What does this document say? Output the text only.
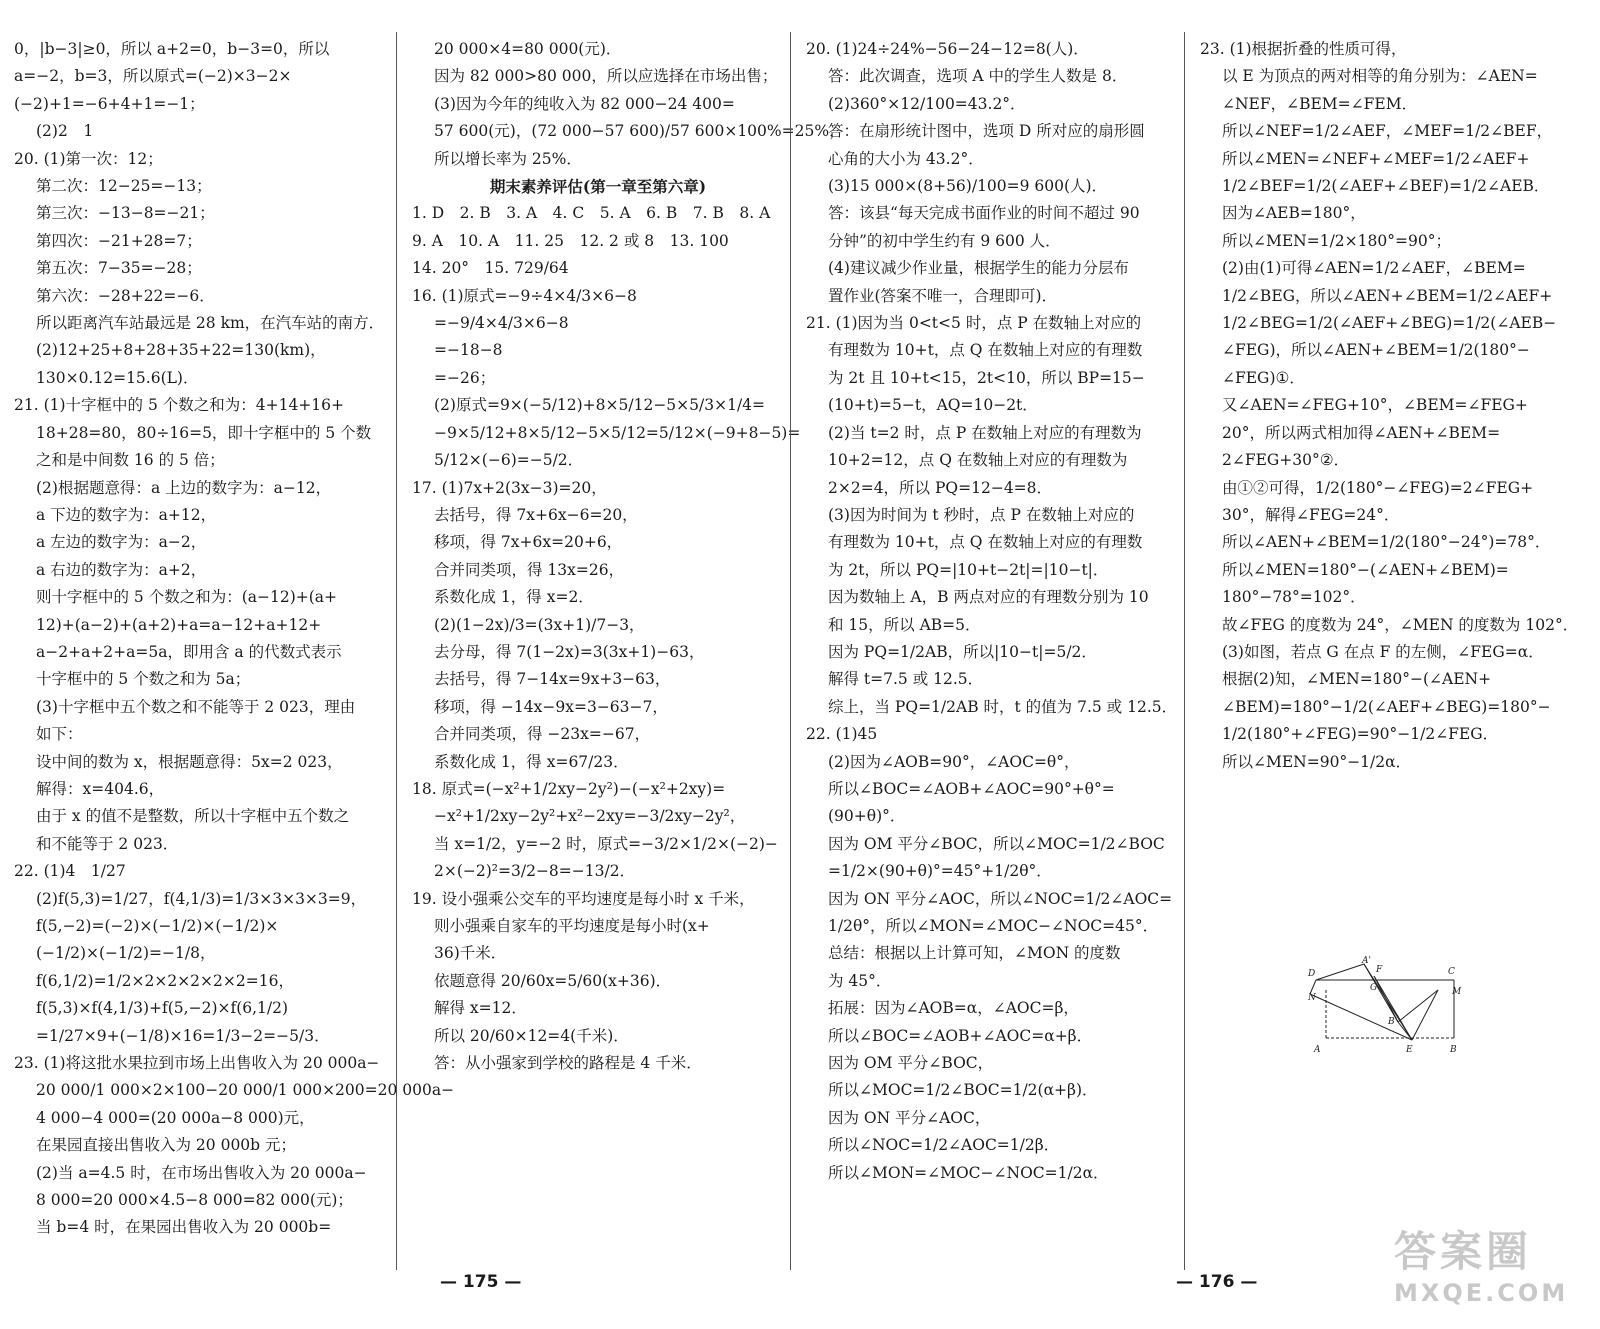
0，|b−3|≥0，所以 a+2=0，b−3=0，所以
a=−2，b=3，所以原式=(−2)×3−2×
(−2)+1=−6+4+1=−1；
(2)2　1
20. (1)第一次：12；
第二次：12−25=−13；
第三次：−13−8=−21；
第四次：−21+28=7；
第五次：7−35=−28；
第六次：−28+22=−6．
所以距离汽车站最远是 28 km，在汽车站的南方．
(2)12+25+8+28+35+22=130(km)，
130×0.12=15.6(L)．
21. (1)十字框中的 5 个数之和为：4+14+16+
18+28=80，80÷16=5，即十字框中的 5 个数
之和是中间数 16 的 5 倍；
(2)根据题意得：a 上边的数字为：a−12，
a 下边的数字为：a+12，
a 左边的数字为：a−2，
a 右边的数字为：a+2，
则十字框中的 5 个数之和为：(a−12)+(a+
12)+(a−2)+(a+2)+a=a−12+a+12+
a−2+a+2+a=5a，即用含 a 的代数式表示
十字框中的 5 个数之和为 5a；
(3)十字框中五个数之和不能等于 2 023，理由
如下：
设中间的数为 x，根据题意得：5x=2 023，
解得：x=404.6，
由于 x 的值不是整数，所以十字框中五个数之
和不能等于 2 023．
22. (1)4　1/27
(2)f(5,3)=1/27，f(4,1/3)=1/3×3×3×3=9，
f(5,−2)=(−2)×(−1/2)×(−1/2)×
(−1/2)×(−1/2)=−1/8，
f(6,1/2)=1/2×2×2×2×2×2=16，
f(5,3)×f(4,1/3)+f(5,−2)×f(6,1/2)
=1/27×9+(−1/8)×16=1/3−2=−5/3．
23. (1)将这批水果拉到市场上出售收入为 20 000a−
20 000/1 000×2×100−20 000/1 000×200=20 000a−
4 000−4 000=(20 000a−8 000)元，
在果园直接出售收入为 20 000b 元；
(2)当 a=4.5 时，在市场出售收入为 20 000a−
8 000=20 000×4.5−8 000=82 000(元)；
当 b=4 时，在果园出售收入为 20 000b=
20 000×4=80 000(元)．
因为 82 000>80 000，所以应选择在市场出售；
(3)因为今年的纯收入为 82 000−24 400=
57 600(元)，(72 000−57 600)/57 600×100%=25%，
所以增长率为 25%．
期末素养评估(第一章至第六章)
1. D　2. B　3. A　4. C　5. A　6. B　7. B　8. A
9. A　10. A　11. 25　12. 2 或 8　13. 100
14. 20°　15. 729/64
16. (1)原式=−9÷4×4/3×6−8
=−9/4×4/3×6−8
=−18−8
=−26；
(2)原式=9×(−5/12)+8×5/12−5×5/3×1/4=
−9×5/12+8×5/12−5×5/12=5/12×(−9+8−5)=
5/12×(−6)=−5/2．
17. (1)7x+2(3x−3)=20，
去括号，得 7x+6x−6=20，
移项，得 7x+6x=20+6，
合并同类项，得 13x=26，
系数化成 1，得 x=2．
(2)(1−2x)/3=(3x+1)/7−3，
去分母，得 7(1−2x)=3(3x+1)−63，
去括号，得 7−14x=9x+3−63，
移项，得 −14x−9x=3−63−7，
合并同类项，得 −23x=−67，
系数化成 1，得 x=67/23．
18. 原式=(−x²+1/2xy−2y²)−(−x²+2xy)=
−x²+1/2xy−2y²+x²−2xy=−3/2xy−2y²，
当 x=1/2，y=−2 时，原式=−3/2×1/2×(−2)−
2×(−2)²=3/2−8=−13/2．
19. 设小强乘公交车的平均速度是每小时 x 千米，
则小强乘自家车的平均速度是每小时(x+
36)千米．
依题意得 20/60x=5/60(x+36)．
解得 x=12．
所以 20/60×12=4(千米)．
答：从小强家到学校的路程是 4 千米．
20. (1)24÷24%−56−24−12=8(人)．
答：此次调查，选项 A 中的学生人数是 8．
(2)360°×12/100=43.2°．
答：在扇形统计图中，选项 D 所对应的扇形圆
心角的大小为 43.2°．
(3)15 000×(8+56)/100=9 600(人)．
答：该县“每天完成书面作业的时间不超过 90
分钟”的初中学生约有 9 600 人．
(4)建议减少作业量，根据学生的能力分层布
置作业(答案不唯一，合理即可)．
21. (1)因为当 0<t<5 时，点 P 在数轴上对应的
有理数为 10+t，点 Q 在数轴上对应的有理数
为 2t 且 10+t<15，2t<10，所以 BP=15−
(10+t)=5−t，AQ=10−2t．
(2)当 t=2 时，点 P 在数轴上对应的有理数为
10+2=12，点 Q 在数轴上对应的有理数为
2×2=4，所以 PQ=12−4=8．
(3)因为时间为 t 秒时，点 P 在数轴上对应的
有理数为 10+t，点 Q 在数轴上对应的有理数
为 2t，所以 PQ=|10+t−2t|=|10−t|．
因为数轴上 A，B 两点对应的有理数分别为 10
和 15，所以 AB=5．
因为 PQ=1/2AB，所以|10−t|=5/2．
解得 t=7.5 或 12.5．
综上，当 PQ=1/2AB 时，t 的值为 7.5 或 12.5．
22. (1)45
(2)因为∠AOB=90°，∠AOC=θ°，
所以∠BOC=∠AOB+∠AOC=90°+θ°=
(90+θ)°．
因为 OM 平分∠BOC，所以∠MOC=1/2∠BOC
=1/2×(90+θ)°=45°+1/2θ°．
因为 ON 平分∠AOC，所以∠NOC=1/2∠AOC=
1/2θ°，所以∠MON=∠MOC−∠NOC=45°．
总结：根据以上计算可知，∠MON 的度数
为 45°．
拓展：因为∠AOB=α，∠AOC=β，
所以∠BOC=∠AOB+∠AOC=α+β．
因为 OM 平分∠BOC，
所以∠MOC=1/2∠BOC=1/2(α+β)．
因为 ON 平分∠AOC，
所以∠NOC=1/2∠AOC=1/2β．
所以∠MON=∠MOC−∠NOC=1/2α．
23. (1)根据折叠的性质可得，
以 E 为顶点的两对相等的角分别为：∠AEN=
∠NEF，∠BEM=∠FEM．
所以∠NEF=1/2∠AEF，∠MEF=1/2∠BEF，
所以∠MEN=∠NEF+∠MEF=1/2∠AEF+
1/2∠BEF=1/2(∠AEF+∠BEF)=1/2∠AEB．
因为∠AEB=180°，
所以∠MEN=1/2×180°=90°；
(2)由(1)可得∠AEN=1/2∠AEF，∠BEM=
1/2∠BEG，所以∠AEN+∠BEM=1/2∠AEF+
1/2∠BEG=1/2(∠AEF+∠BEG)=1/2(∠AEB−
∠FEG)，所以∠AEN+∠BEM=1/2(180°−
∠FEG)①．
又∠AEN=∠FEG+10°，∠BEM=∠FEG+
20°，所以两式相加得∠AEN+∠BEM=
2∠FEG+30°②．
由①②可得，1/2(180°−∠FEG)=2∠FEG+
30°，解得∠FEG=24°．
所以∠AEN+∠BEM=1/2(180°−24°)=78°．
所以∠MEN=180°−(∠AEN+∠BEM)=
180°−78°=102°．
故∠FEG 的度数为 24°，∠MEN 的度数为 102°．
(3)如图，若点 G 在点 F 的左侧，∠FEG=α．
根据(2)知，∠MEN=180°−(∠AEN+
∠BEM)=180°−1/2(∠AEF+∠BEG)=180°−
1/2(180°+∠FEG)=90°−1/2∠FEG．
所以∠MEN=90°−1/2α．
D
A'
F	C
N
G	M
B'
A	E	B
— 175 —	— 176 —
答案圈
MXQE.COM
